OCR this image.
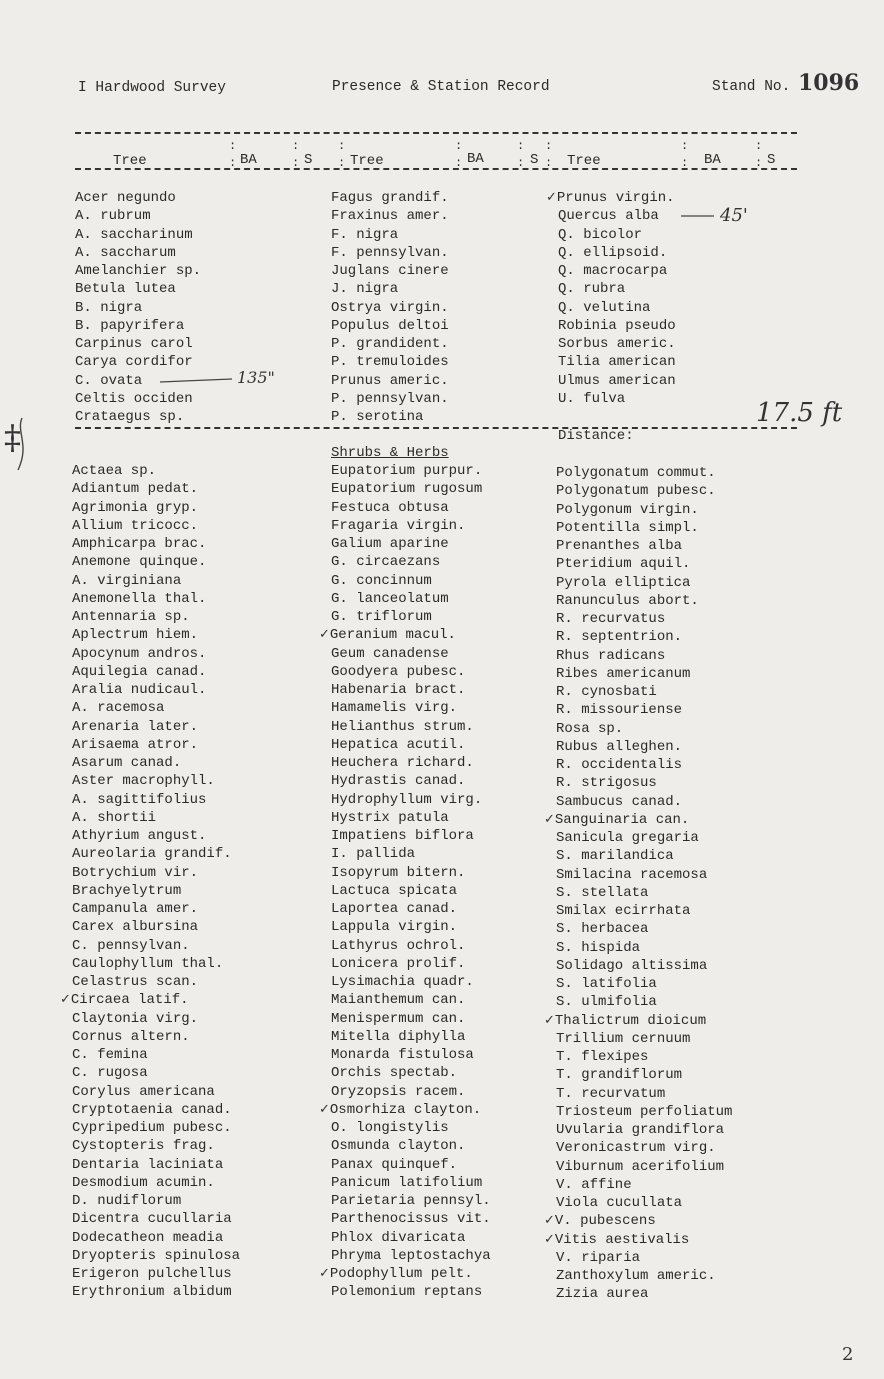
I Hardwood Survey	Presence & Station Record	Stand No. 1096
:
:
:
:
:
:
:
:
:
:
:
:
:
:
:
:
Tree	BA	S	Tree	BA	S Tree	BA	S
Acer negundo
A. rubrum
A. saccharinum
A. saccharum
Amelanchier sp.
Betula lutea
B. nigra
B. papyrifera
Carpinus carol
Carya cordifor
C. ovata
Celtis occiden
Crataegus sp.
Fagus grandif.
Fraxinus amer.
F. nigra
F. pennsylvan.
Juglans cinere
J. nigra
Ostrya virgin.
Populus deltoi
P. grandident.
P. tremuloides
Prunus americ.
P. pennsylvan.
P. serotina
✓Prunus virgin.
Quercus alba
Q. bicolor
Q. ellipsoid.
Q. macrocarpa
Q. rubra
Q. velutina
Robinia pseudo
Sorbus americ.
Tilia american
Ulmus american
U. fulva
135"
45'
‡	Distance:
17.5 ft
Shrubs & Herbs
Actaea sp.
Adiantum pedat.
Agrimonia gryp.
Allium tricocc.
Amphicarpa brac.
Anemone quinque.
A. virginiana
Anemonella thal.
Antennaria sp.
Aplectrum hiem.
Apocynum andros.
Aquilegia canad.
Aralia nudicaul.
A. racemosa
Arenaria later.
Arisaema atror.
Asarum canad.
Aster macrophyll.
A. sagittifolius
A. shortii
Athyrium angust.
Aureolaria grandif.
Botrychium vir.
Brachyelytrum
Campanula amer.
Carex albursina
C. pennsylvan.
Caulophyllum thal.
Celastrus scan.
✓Circaea latif.
Claytonia virg.
Cornus altern.
C. femina
C. rugosa
Corylus americana
Cryptotaenia canad.
Cypripedium pubesc.
Cystopteris frag.
Dentaria laciniata
Desmodium acumin.
D. nudiflorum
Dicentra cucullaria
Dodecatheon meadia
Dryopteris spinulosa
Erigeron pulchellus
Erythronium albidum
Eupatorium purpur.
Eupatorium rugosum
Festuca obtusa
Fragaria virgin.
Galium aparine
G. circaezans
G. concinnum
G. lanceolatum
G. triflorum
✓Geranium macul.
Geum canadense
Goodyera pubesc.
Habenaria bract.
Hamamelis virg.
Helianthus strum.
Hepatica acutil.
Heuchera richard.
Hydrastis canad.
Hydrophyllum virg.
Hystrix patula
Impatiens biflora
I. pallida
Isopyrum bitern.
Lactuca spicata
Laportea canad.
Lappula virgin.
Lathyrus ochrol.
Lonicera prolif.
Lysimachia quadr.
Maianthemum can.
Menispermum can.
Mitella diphylla
Monarda fistulosa
Orchis spectab.
Oryzopsis racem.
✓Osmorhiza clayton.
O. longistylis
Osmunda clayton.
Panax quinquef.
Panicum latifolium
Parietaria pennsyl.
Parthenocissus vit.
Phlox divaricata
Phryma leptostachya
✓Podophyllum pelt.
Polemonium reptans
Polygonatum commut.
Polygonatum pubesc.
Polygonum virgin.
Potentilla simpl.
Prenanthes alba
Pteridium aquil.
Pyrola elliptica
Ranunculus abort.
R. recurvatus
R. septentrion.
Rhus radicans
Ribes americanum
R. cynosbati
R. missouriense
Rosa sp.
Rubus alleghen.
R. occidentalis
R. strigosus
Sambucus canad.
✓Sanguinaria can.
Sanicula gregaria
S. marilandica
Smilacina racemosa
S. stellata
Smilax ecirrhata
S. herbacea
S. hispida
Solidago altissima
S. latifolia
S. ulmifolia
✓Thalictrum dioicum
Trillium cernuum
T. flexipes
T. grandiflorum
T. recurvatum
Triosteum perfoliatum
Uvularia grandiflora
Veronicastrum virg.
Viburnum acerifolium
V. affine
Viola cucullata
✓V. pubescens
✓Vitis aestivalis
V. riparia
Zanthoxylum americ.
Zizia aurea
2
